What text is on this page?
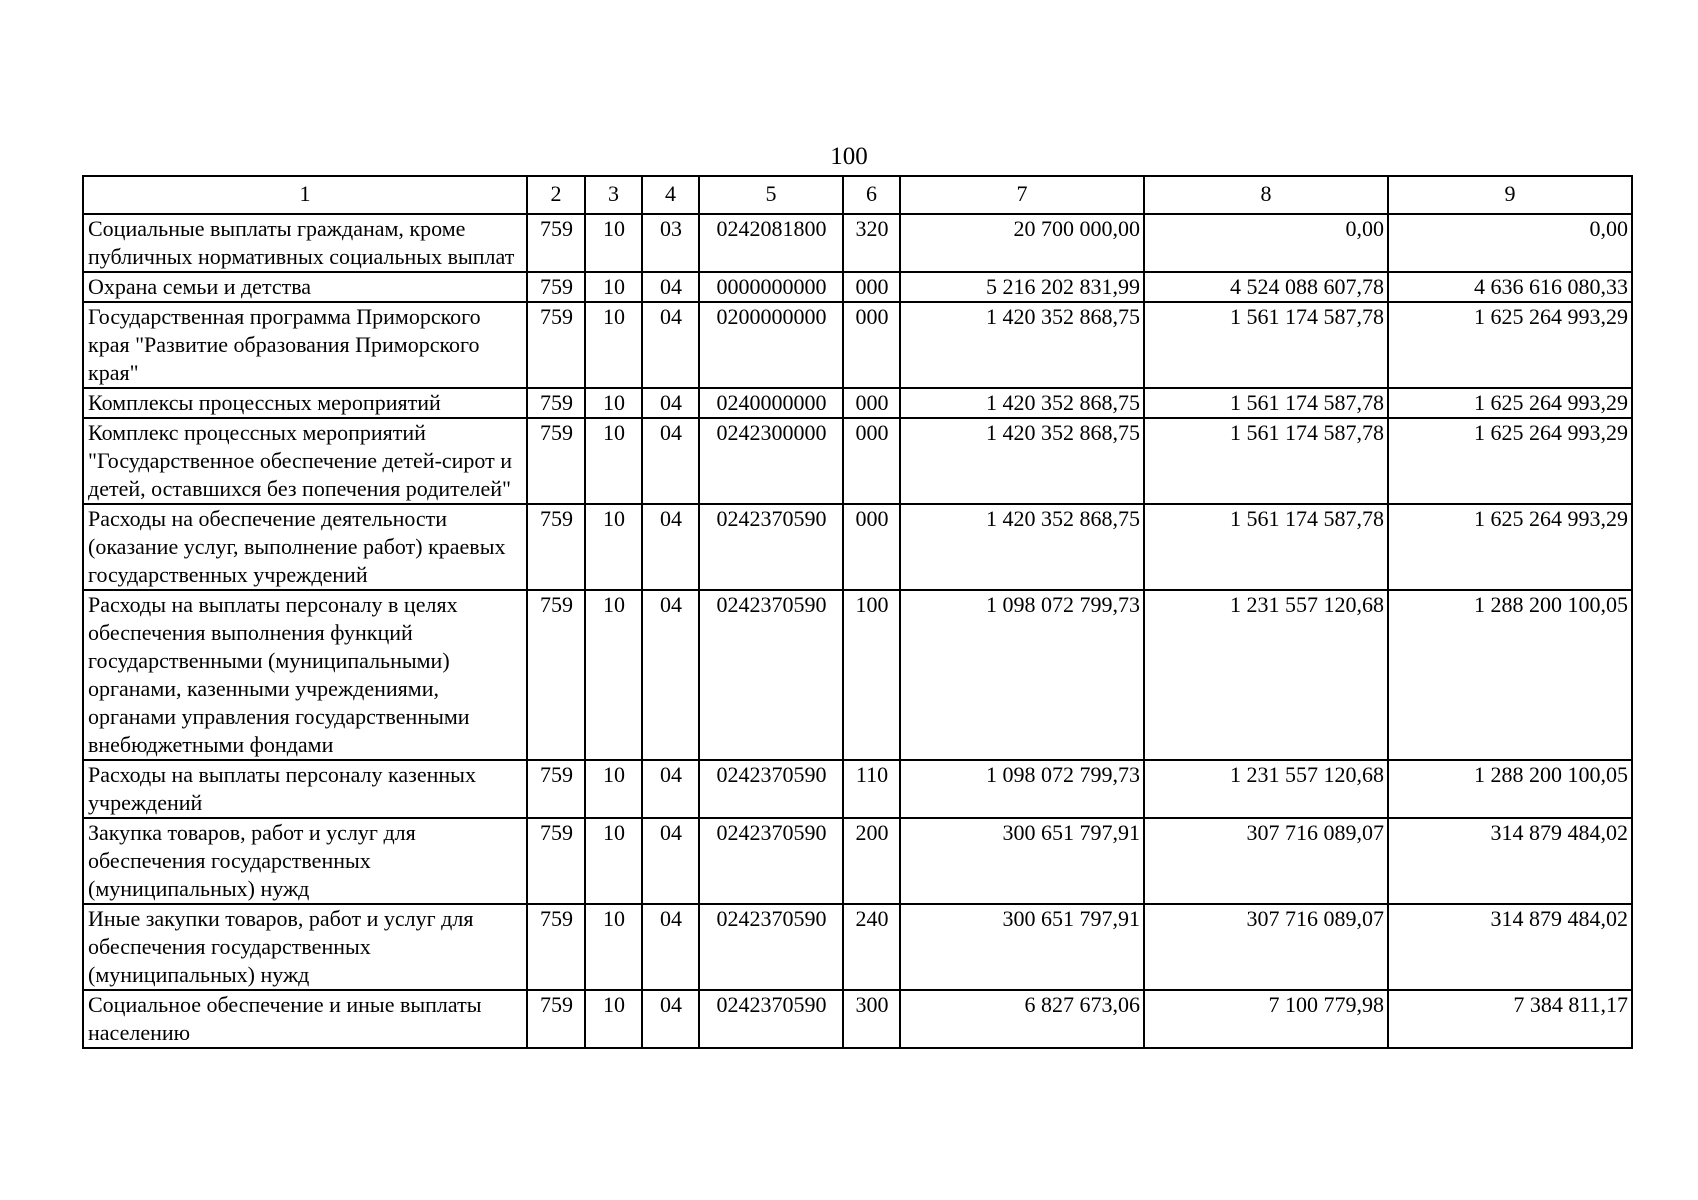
100
1	2	3	4	5	6	7	8	9
Социальные выплаты гражданам, кроме публичных нормативных социальных выплат	759	10	03	0242081800	320	20 700 000,00	0,00	0,00
Охрана семьи и детства	759	10	04	0000000000	000	5 216 202 831,99	4 524 088 607,78	4 636 616 080,33
Государственная программа Приморского края "Развитие образования Приморского края"	759	10	04	0200000000	000	1 420 352 868,75	1 561 174 587,78	1 625 264 993,29
Комплексы процессных мероприятий	759	10	04	0240000000	000	1 420 352 868,75	1 561 174 587,78	1 625 264 993,29
Комплекс процессных мероприятий "Государственное обеспечение детей-сирот и детей, оставшихся без попечения родителей"	759	10	04	0242300000	000	1 420 352 868,75	1 561 174 587,78	1 625 264 993,29
Расходы на обеспечение деятельности (оказание услуг, выполнение работ) краевых государственных учреждений	759	10	04	0242370590	000	1 420 352 868,75	1 561 174 587,78	1 625 264 993,29
Расходы на выплаты персоналу в целях обеспечения выполнения функций государственными (муниципальными) органами, казенными учреждениями, органами управления государственными внебюджетными фондами	759	10	04	0242370590	100	1 098 072 799,73	1 231 557 120,68	1 288 200 100,05
Расходы на выплаты персоналу казенных учреждений	759	10	04	0242370590	110	1 098 072 799,73	1 231 557 120,68	1 288 200 100,05
Закупка товаров, работ и услуг для обеспечения государственных (муниципальных) нужд	759	10	04	0242370590	200	300 651 797,91	307 716 089,07	314 879 484,02
Иные закупки товаров, работ и услуг для обеспечения государственных (муниципальных) нужд	759	10	04	0242370590	240	300 651 797,91	307 716 089,07	314 879 484,02
Социальное обеспечение и иные выплаты населению	759	10	04	0242370590	300	6 827 673,06	7 100 779,98	7 384 811,17
